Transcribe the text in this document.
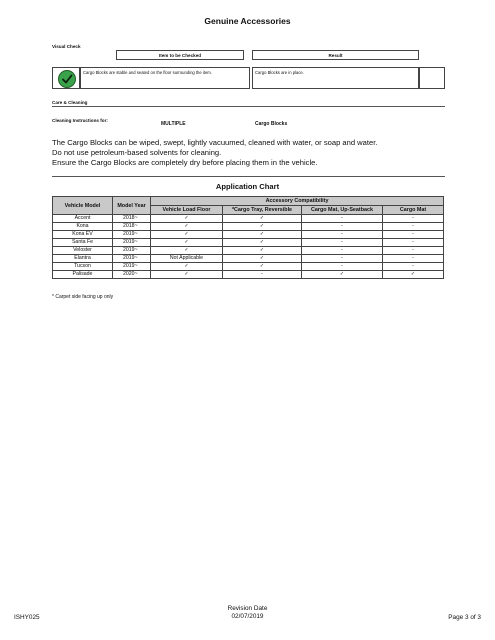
Genuine Accessories
Visual Check
Item to be Checked	Result
Cargo Blocks are stable and seated on the floor surrounding the item.	Cargo Blocks are in place.
Care & Cleaning
Cleaning Instructions for:
MULTIPLE	Cargo Blocks
The Cargo Blocks can be wiped, swept, lightly vacuumed, cleaned with water, or soap and water.
Do not use petroleum-based solvents for cleaning.
Ensure the Cargo Blocks are completely dry before placing them in the vehicle.
Application Chart
Vehicle Model	Model Year	Accessory Compatibility			
		Vehicle Load Floor	*Cargo Tray, Reversible	Cargo Mat, Up-Seatback	Cargo Mat
Accent	2018~	✓	✓	-	-
Kona	2018~	✓	✓	-	-
Kona EV	2019~	✓	✓	-	-
Santa Fe	2019~	✓	✓	-	-
Veloster	2019~	✓	✓	-	-
Elantra	2019~	Not Applicable	✓	-	-
Tucson	2019~	✓	✓	-	-
Palisade	2020~	✓	-	✓	✓
* Carpet side facing up only
ISHY025
Revision Date
02/07/2019	Page 3 of 3
